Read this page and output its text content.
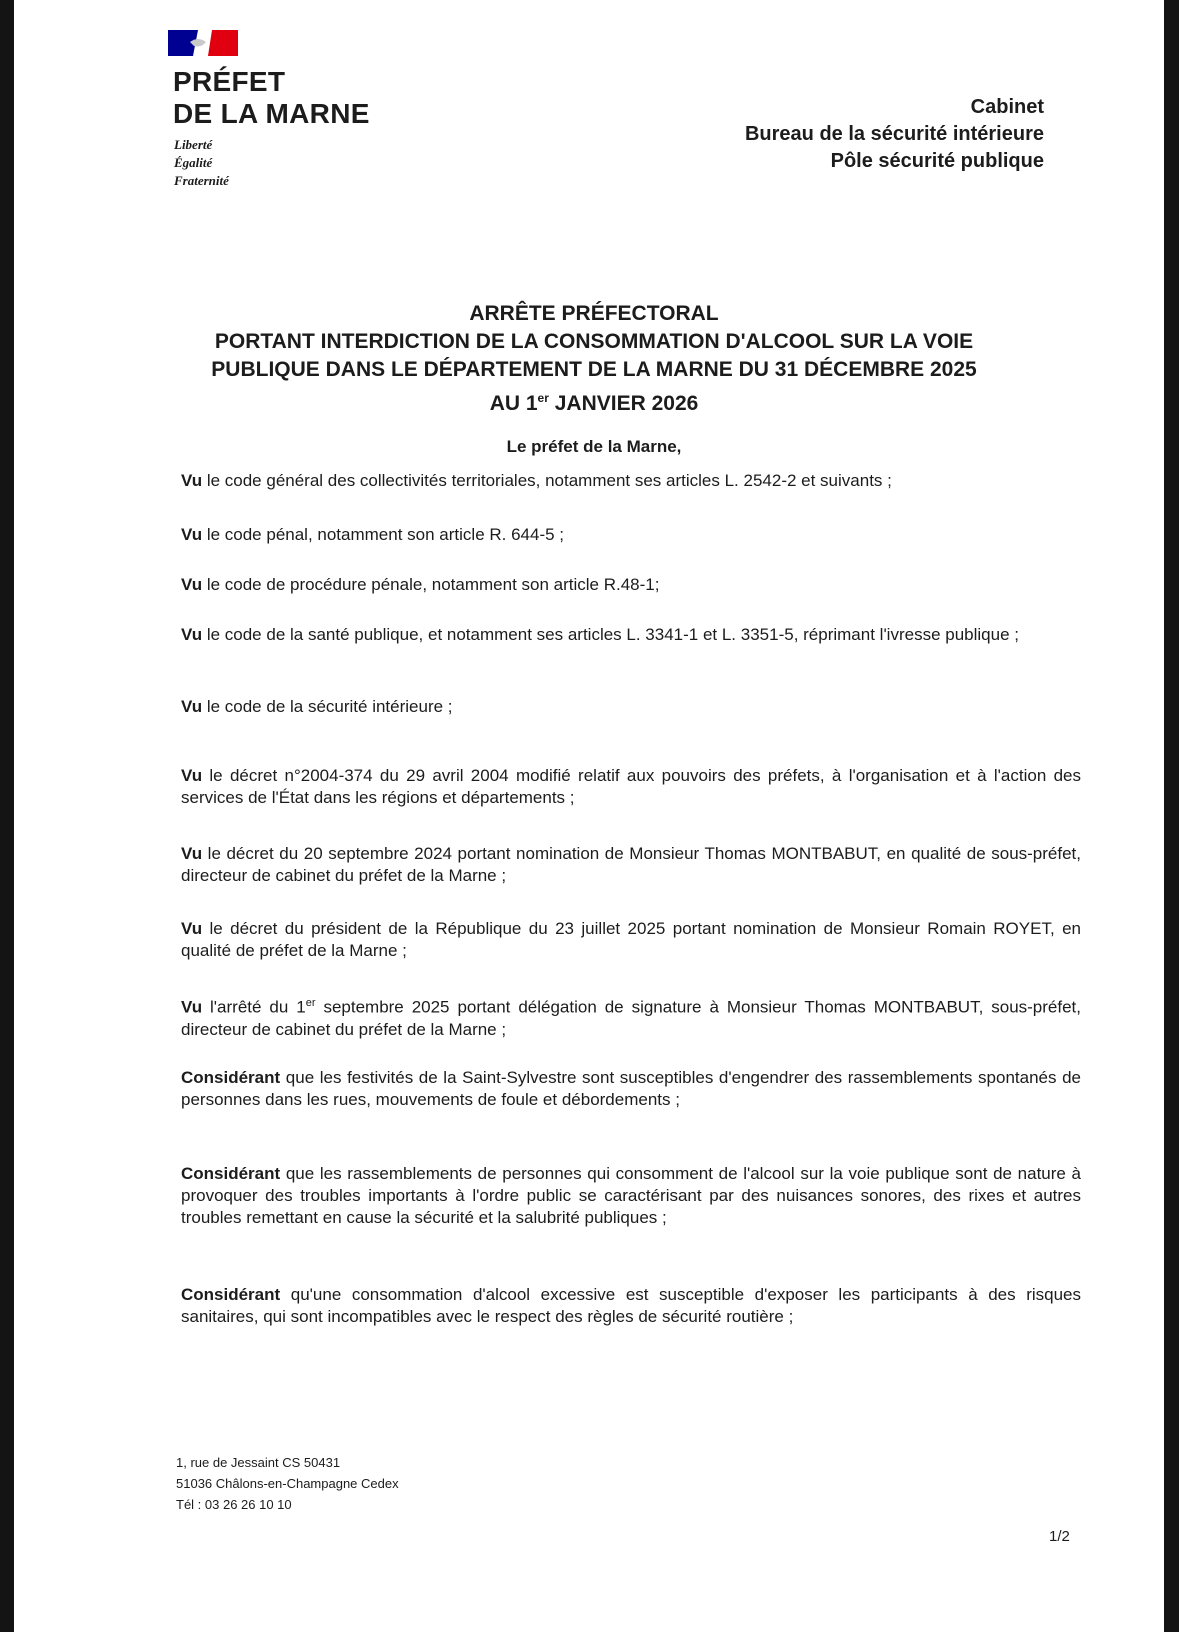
PRÉFET
DE LA MARNE
Liberté
Égalité
Fraternité
Cabinet
Bureau de la sécurité intérieure
Pôle sécurité publique
ARRÊTE PRÉFECTORAL
PORTANT INTERDICTION DE LA CONSOMMATION D'ALCOOL SUR LA VOIE
PUBLIQUE DANS LE DÉPARTEMENT DE LA MARNE DU 31 DÉCEMBRE 2025
AU 1er JANVIER 2026
Le préfet de la Marne,
Vu le code général des collectivités territoriales, notamment ses articles L. 2542-2 et suivants ;
Vu le code pénal, notamment son article R. 644-5 ;
Vu le code de procédure pénale, notamment son article R.48-1;
Vu le code de la santé publique, et notamment ses articles L. 3341-1 et L. 3351-5, réprimant l'ivresse publique ;
Vu le code de la sécurité intérieure ;
Vu le décret n°2004-374 du 29 avril 2004 modifié relatif aux pouvoirs des préfets, à l'organisation et à l'action des services de l'État dans les régions et départements ;
Vu le décret du 20 septembre 2024 portant nomination de Monsieur Thomas MONTBABUT, en qualité de sous-préfet, directeur de cabinet du préfet de la Marne ;
Vu le décret du président de la République du 23 juillet 2025 portant nomination de Monsieur Romain ROYET, en qualité de préfet de la Marne ;
Vu l'arrêté du 1er septembre 2025 portant délégation de signature à Monsieur Thomas MONTBABUT, sous-préfet, directeur de cabinet du préfet de la Marne ;
Considérant que les festivités de la Saint-Sylvestre sont susceptibles d'engendrer des rassemblements spontanés de personnes dans les rues, mouvements de foule et débordements ;
Considérant que les rassemblements de personnes qui consomment de l'alcool sur la voie publique sont de nature à provoquer des troubles importants à l'ordre public se caractérisant par des nuisances sonores, des rixes et autres troubles remettant en cause la sécurité et la salubrité publiques ;
Considérant qu'une consommation d'alcool excessive est susceptible d'exposer les participants à des risques sanitaires, qui sont incompatibles avec le respect des règles de sécurité routière ;
1, rue de Jessaint CS 50431
51036 Châlons-en-Champagne Cedex
Tél : 03 26 26 10 10
1/2
